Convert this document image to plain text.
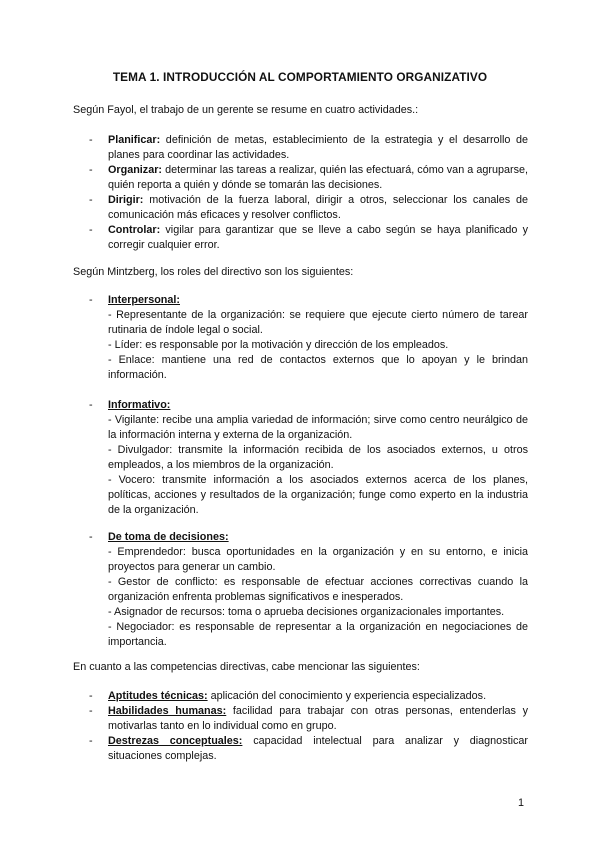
TEMA 1. INTRODUCCIÓN AL COMPORTAMIENTO ORGANIZATIVO
Según Fayol, el trabajo de un gerente se resume en cuatro actividades.:
- Planificar: definición de metas, establecimiento de la estrategia y el desarrollo de planes para coordinar las actividades.
- Organizar: determinar las tareas a realizar, quién las efectuará, cómo van a agruparse, quién reporta a quién y dónde se tomarán las decisiones.
- Dirigir: motivación de la fuerza laboral, dirigir a otros, seleccionar los canales de comunicación más eficaces y resolver conflictos.
- Controlar: vigilar para garantizar que se lleve a cabo según se haya planificado y corregir cualquier error.
Según Mintzberg, los roles del directivo son los siguientes:
- Interpersonal:
- Representante de la organización: se requiere que ejecute cierto número de tarear rutinaria de índole legal o social.
- Líder: es responsable por la motivación y dirección de los empleados.
- Enlace: mantiene una red de contactos externos que lo apoyan y le brindan información.
- Informativo:
- Vigilante: recibe una amplia variedad de información; sirve como centro neurálgico de la información interna y externa de la organización.
- Divulgador: transmite la información recibida de los asociados externos, u otros empleados, a los miembros de la organización.
- Vocero: transmite información a los asociados externos acerca de los planes, políticas, acciones y resultados de la organización; funge como experto en la industria de la organización.
- De toma de decisiones:
- Emprendedor: busca oportunidades en la organización y en su entorno, e inicia proyectos para generar un cambio.
- Gestor de conflicto: es responsable de efectuar acciones correctivas cuando la organización enfrenta problemas significativos e inesperados.
- Asignador de recursos: toma o aprueba decisiones organizacionales importantes.
- Negociador: es responsable de representar a la organización en negociaciones de importancia.
En cuanto a las competencias directivas, cabe mencionar las siguientes:
- Aptitudes técnicas: aplicación del conocimiento y experiencia especializados.
- Habilidades humanas: facilidad para trabajar con otras personas, entenderlas y motivarlas tanto en lo individual como en grupo.
- Destrezas conceptuales: capacidad intelectual para analizar y diagnosticar situaciones complejas.
1
